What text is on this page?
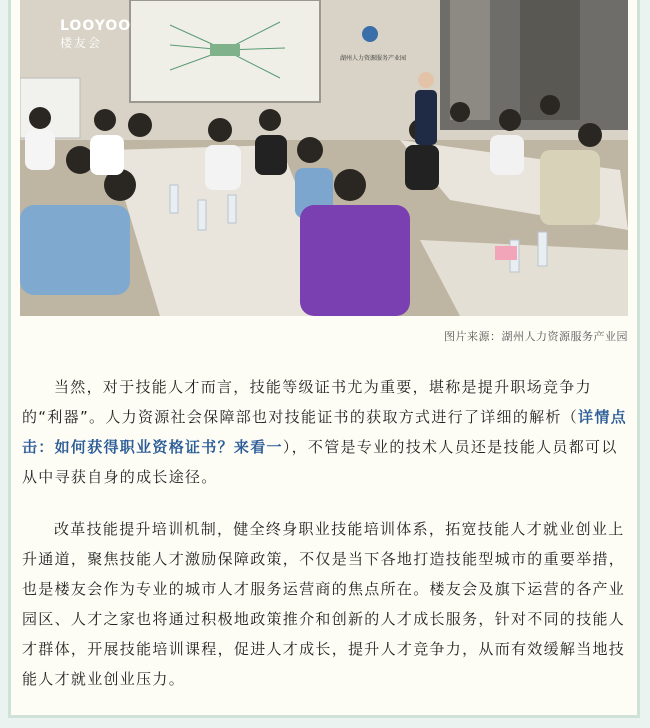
湖州人力资源服务产业园
LOOYOO
楼友会
图片来源：湖州人力资源服务产业园

当然，对于技能人才而言，技能等级证书尤为重要，堪称是提升职场竞争力的“利器”。人力资源社会保障部也对技能证书的获取方式进行了详细的解析（详情点击：如何获得职业资格证书？来看一），不管是专业的技术人员还是技能人员都可以从中寻获自身的成长途径。

改革技能提升培训机制，健全终身职业技能培训体系，拓宽技能人才就业创业上升通道，聚焦技能人才激励保障政策，不仅是当下各地打造技能型城市的重要举措，也是楼友会作为专业的城市人才服务运营商的焦点所在。楼友会及旗下运营的各产业园区、人才之家也将通过积极地政策推介和创新的人才成长服务，针对不同的技能人才群体，开展技能培训课程，促进人才成长，提升人才竞争力，从而有效缓解当地技能人才就业创业压力。
